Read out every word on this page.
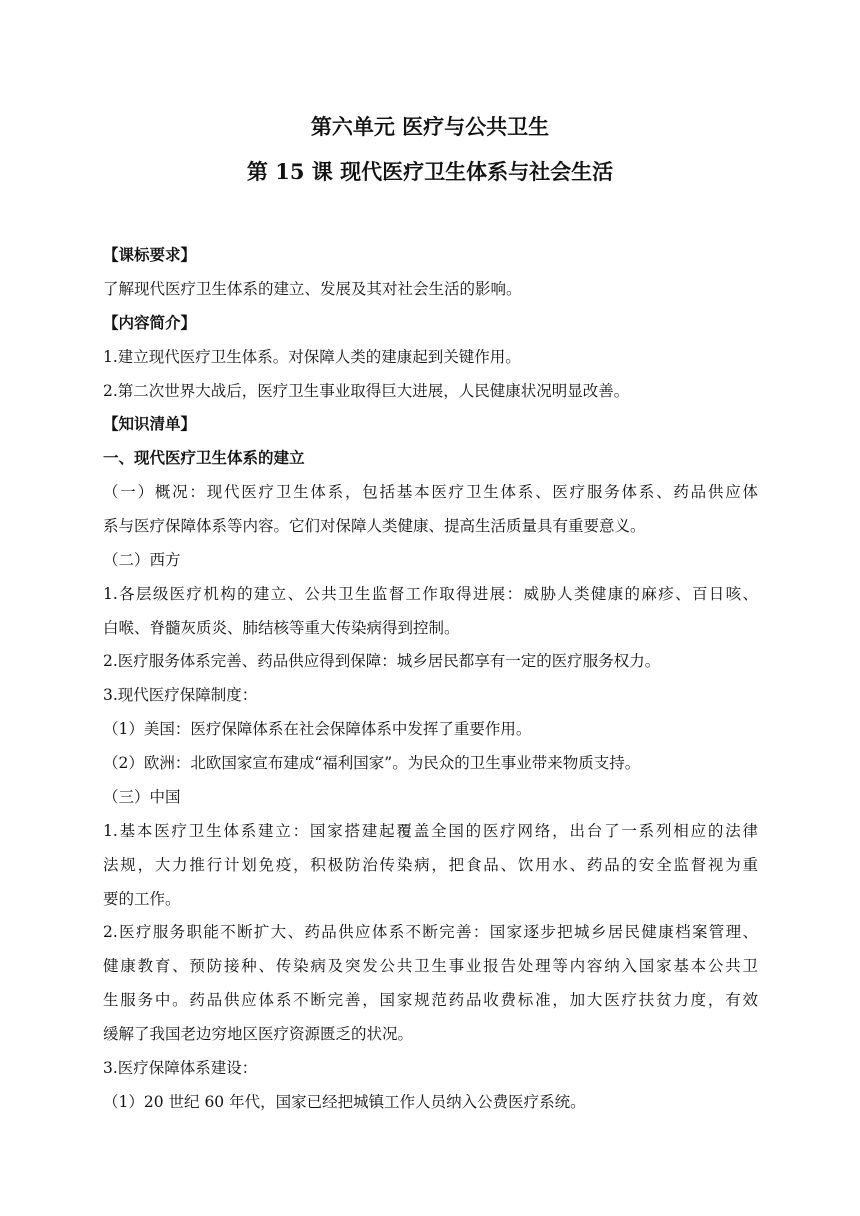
第六单元 医疗与公共卫生
第 15 课 现代医疗卫生体系与社会生活
【课标要求】
了解现代医疗卫生体系的建立、发展及其对社会生活的影响。
【内容简介】
1.建立现代医疗卫生体系。对保障人类的建康起到关键作用。
2.第二次世界大战后，医疗卫生事业取得巨大进展，人民健康状况明显改善。
【知识清单】
一、现代医疗卫生体系的建立
（一）概况：现代医疗卫生体系，包括基本医疗卫生体系、医疗服务体系、药品供应体
系与医疗保障体系等内容。它们对保障人类健康、提高生活质量具有重要意义。
（二）西方
1.各层级医疗机构的建立、公共卫生监督工作取得进展：威胁人类健康的麻疹、百日咳、
白喉、脊髓灰质炎、肺结核等重大传染病得到控制。
2.医疗服务体系完善、药品供应得到保障：城乡居民都享有一定的医疗服务权力。
3.现代医疗保障制度：
（1）美国：医疗保障体系在社会保障体系中发挥了重要作用。
（2）欧洲：北欧国家宣布建成“福利国家”。为民众的卫生事业带来物质支持。
（三）中国
1.基本医疗卫生体系建立：国家搭建起覆盖全国的医疗网络，出台了一系列相应的法律
法规，大力推行计划免疫，积极防治传染病，把食品、饮用水、药品的安全监督视为重
要的工作。
2.医疗服务职能不断扩大、药品供应体系不断完善：国家逐步把城乡居民健康档案管理、
健康教育、预防接种、传染病及突发公共卫生事业报告处理等内容纳入国家基本公共卫
生服务中。药品供应体系不断完善，国家规范药品收费标准，加大医疗扶贫力度，有效
缓解了我国老边穷地区医疗资源匮乏的状况。
3.医疗保障体系建设：
（1）20 世纪 60 年代，国家已经把城镇工作人员纳入公费医疗系统。
